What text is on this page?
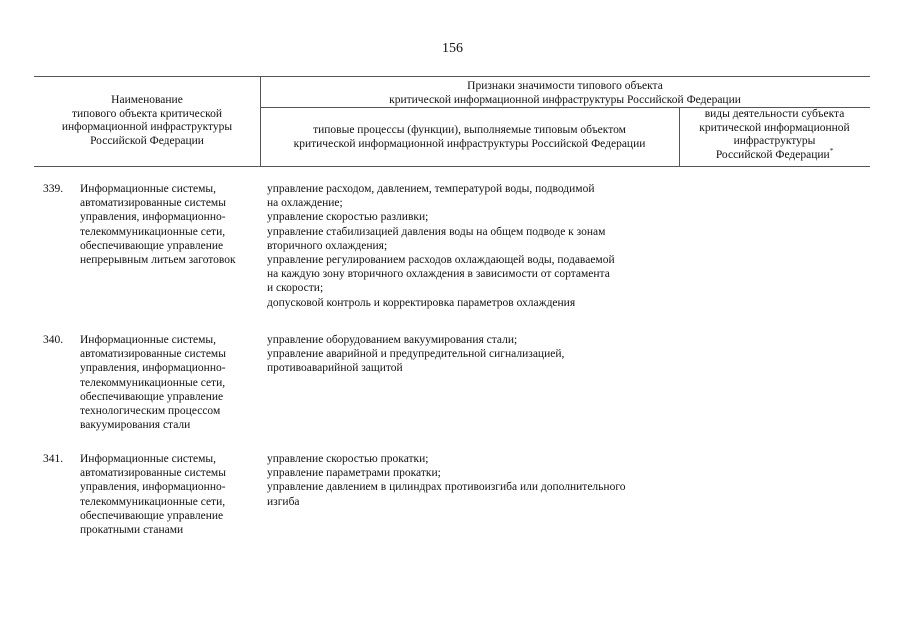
156
Наименование
типового объекта критической
информационной инфраструктуры
Российской Федерации
Признаки значимости типового объекта
критической информационной инфраструктуры Российской Федерации
типовые процессы (функции), выполняемые типовым объектом
критической информационной инфраструктуры Российской Федерации
виды деятельности субъекта
критической информационной
инфраструктуры
Российской Федерации*
339. Информационные системы,
автоматизированные системы
управления, информационно-
телекоммуникационные сети,
обеспечивающие управление
непрерывным литьем заготовок
управление расходом, давлением, температурой воды, подводимой
на охлаждение;
управление скоростью разливки;
управление стабилизацией давления воды на общем подводе к зонам
вторичного охлаждения;
управление регулированием расходов охлаждающей воды, подаваемой
на каждую зону вторичного охлаждения в зависимости от сортамента
и скорости;
допусковой контроль и корректировка параметров охлаждения
340. Информационные системы,
автоматизированные системы
управления, информационно-
телекоммуникационные сети,
обеспечивающие управление
технологическим процессом
вакуумирования стали
управление оборудованием вакуумирования стали;
управление аварийной и предупредительной сигнализацией,
противоаварийной защитой
341. Информационные системы,
автоматизированные системы
управления, информационно-
телекоммуникационные сети,
обеспечивающие управление
прокатными станами
управление скоростью прокатки;
управление параметрами прокатки;
управление давлением в цилиндрах противоизгиба или дополнительного
изгиба
